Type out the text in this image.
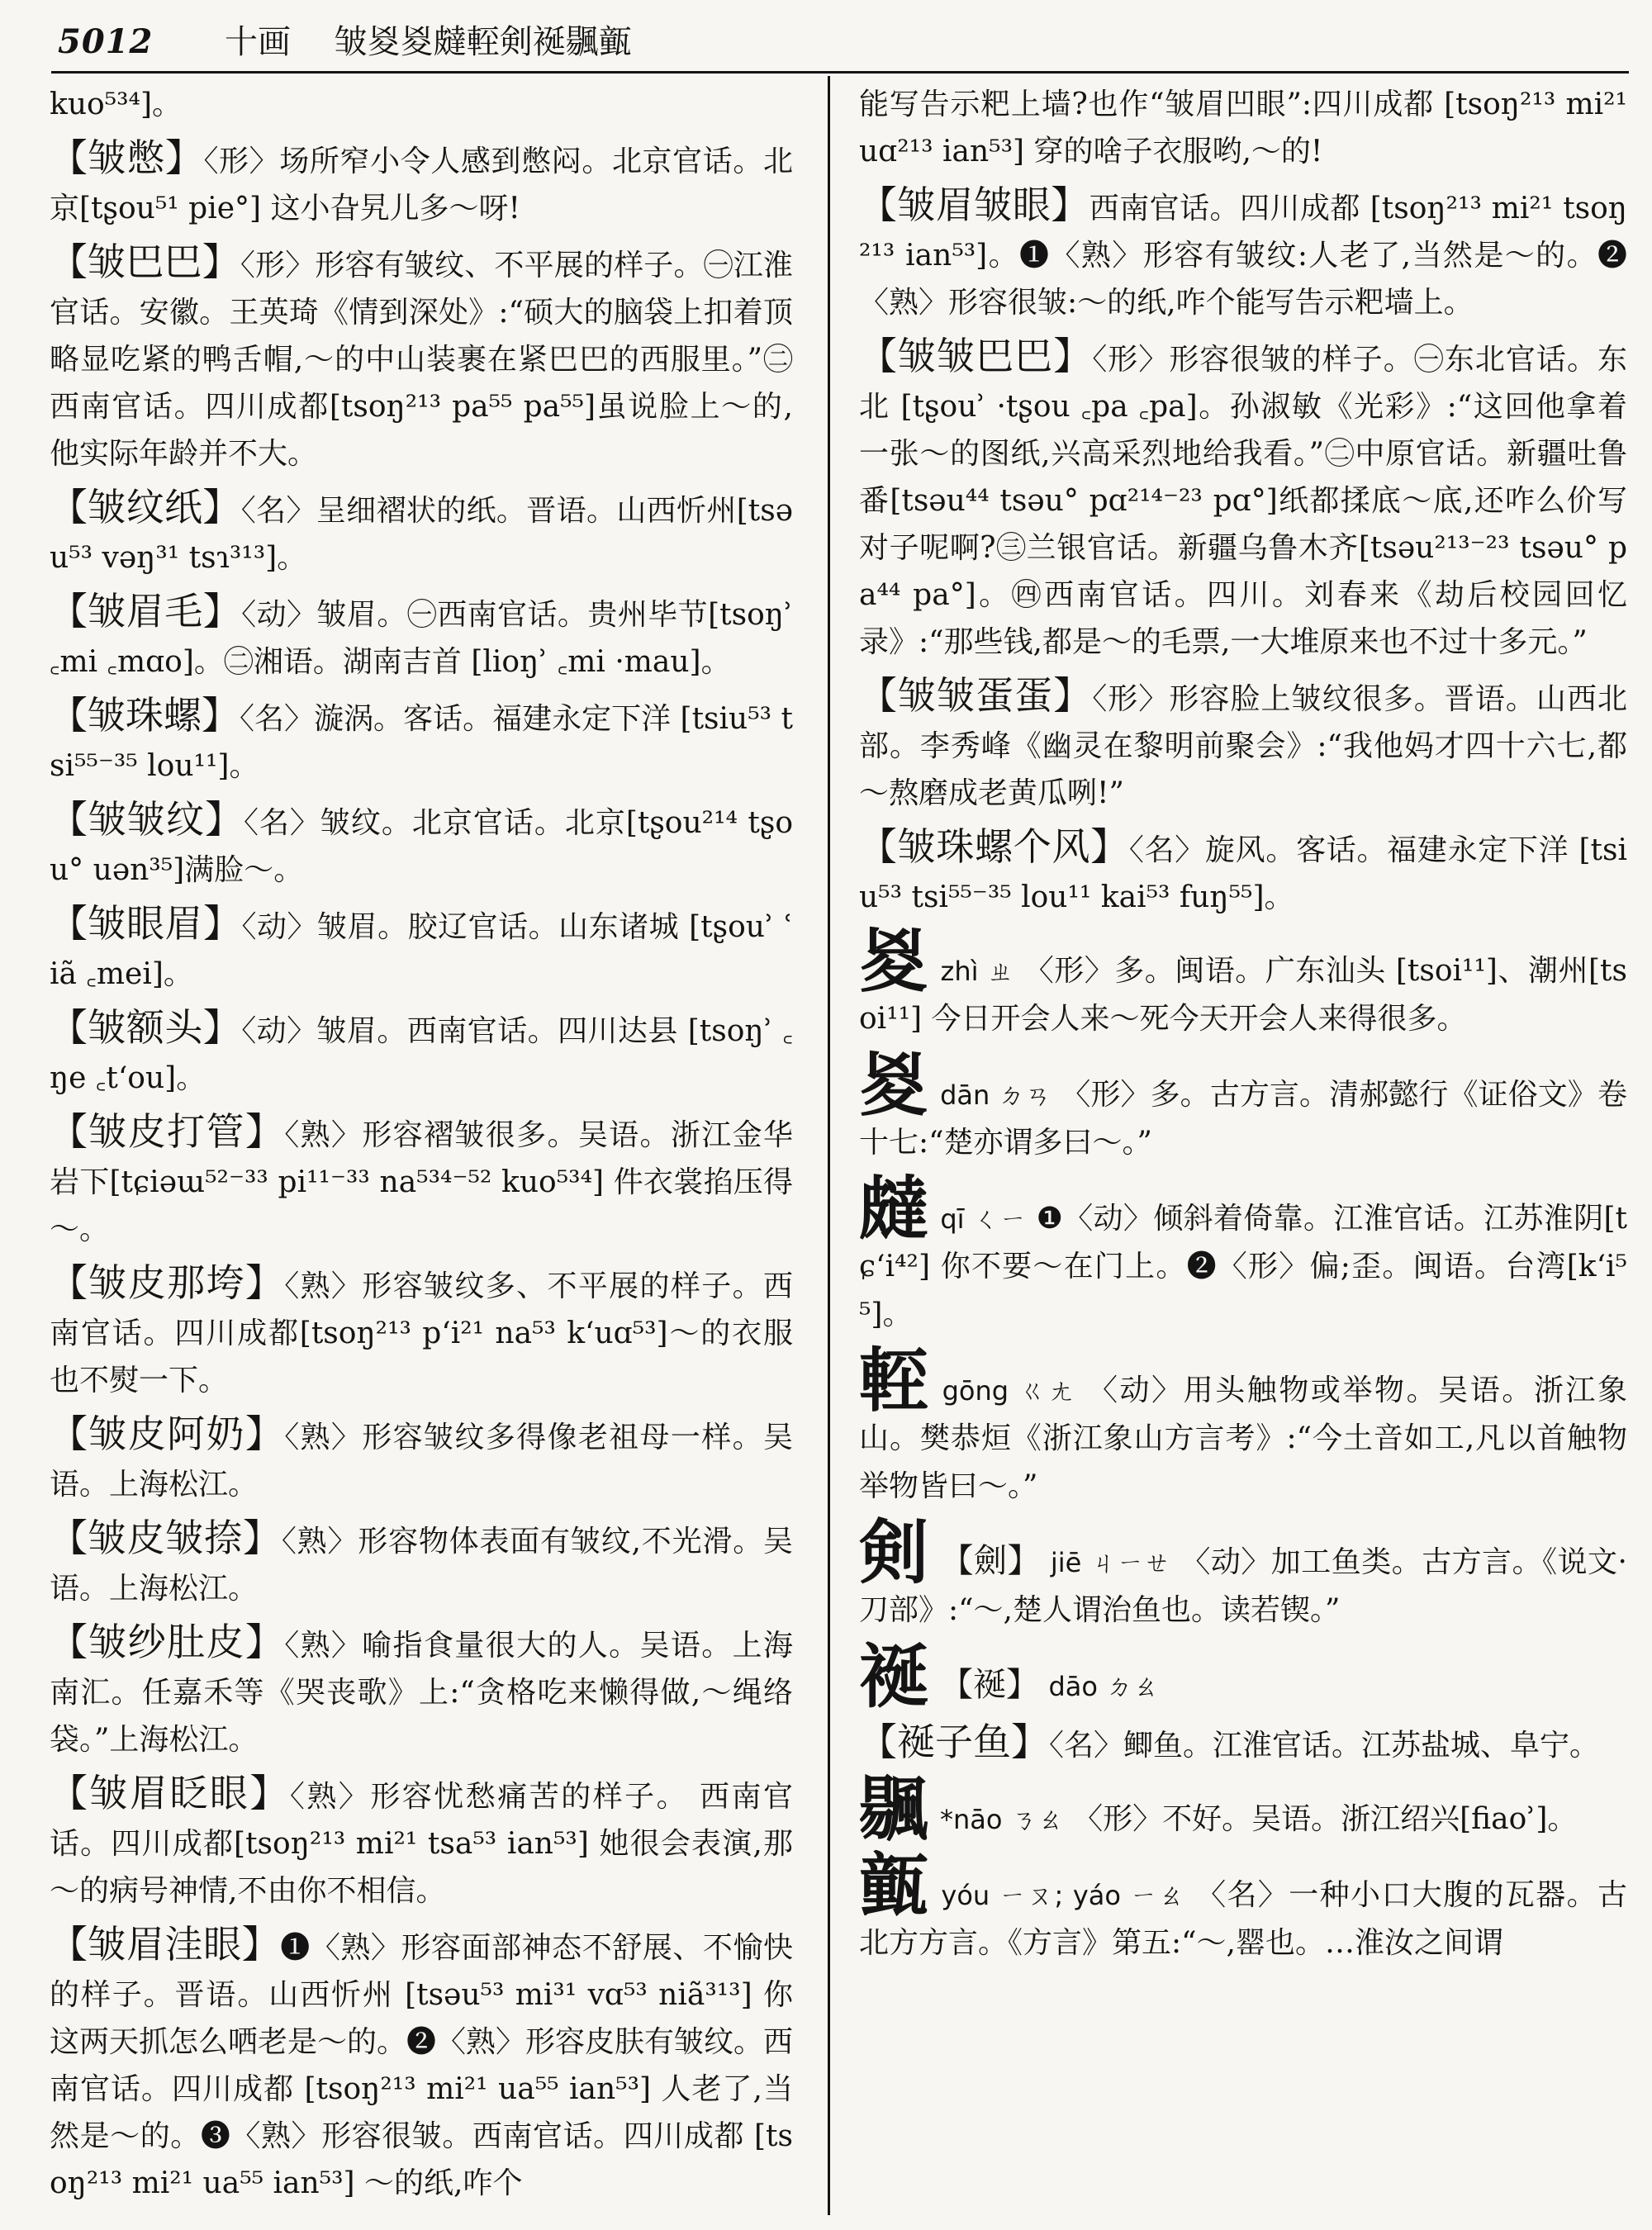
5012 十画 皱㚇㚇㿹䡖剣䘰䬗㼿

kuo⁵³⁴]。

【皱憋】〈形〉场所窄小令人感到憋闷。北京官话。北京[tʂou⁵¹ pie°] 这小旮旯儿多～呀!

【皱巴巴】〈形〉形容有皱纹、不平展的样子。㊀江淮官话。安徽。王英琦《情到深处》:“硕大的脑袋上扣着顶略显吃紧的鸭舌帽,～的中山装裹在紧巴巴的西服里。”㊁西南官话。四川成都[tsoŋ²¹³ pa⁵⁵ pa⁵⁵]虽说脸上～的,他实际年龄并不大。

【皱纹纸】〈名〉呈细褶状的纸。晋语。山西忻州[tsəu⁵³ vəŋ³¹ tsɿ³¹³]。

【皱眉毛】〈动〉皱眉。㊀西南官话。贵州毕节[tsoŋʾ ꜀mi ꜀mɑo]。㊁湘语。湖南吉首 [lioŋʾ ꜀mi ·mau]。

【皱珠螺】〈名〉漩涡。客话。福建永定下洋 [tsiu⁵³ tsi⁵⁵⁻³⁵ lou¹¹]。

【皱皱纹】〈名〉皱纹。北京官话。北京[tʂou²¹⁴ tʂou° uən³⁵]满脸～。

【皱眼眉】〈动〉皱眉。胶辽官话。山东诸城 [tʂouʾ ʿiã ꜀mei]。

【皱额头】〈动〉皱眉。西南官话。四川达县 [tsoŋʾ ꜀ŋe ꜀t‘ou]。

【皱皮打管】〈熟〉形容褶皱很多。吴语。浙江金华岩下[tɕiəɯ⁵²⁻³³ pi¹¹⁻³³ na⁵³⁴⁻⁵² kuo⁵³⁴] 件衣裳掐压得～。

【皱皮那垮】〈熟〉形容皱纹多、不平展的样子。西南官话。四川成都[tsoŋ²¹³ p‘i²¹ na⁵³ k‘uɑ⁵³]～的衣服也不熨一下。

【皱皮阿奶】〈熟〉形容皱纹多得像老祖母一样。吴语。上海松江。

【皱皮皱捺】〈熟〉形容物体表面有皱纹,不光滑。吴语。上海松江。

【皱纱肚皮】〈熟〉喻指食量很大的人。吴语。上海南汇。任嘉禾等《哭丧歌》上:“贪格吃来懒得做,～绳络袋。”上海松江。

【皱眉眨眼】〈熟〉形容忧愁痛苦的样子。 西南官话。四川成都[tsoŋ²¹³ mi²¹ tsa⁵³ ian⁵³] 她很会表演,那～的病号神情,不由你不相信。

【皱眉洼眼】❶〈熟〉形容面部神态不舒展、不愉快的样子。晋语。山西忻州 [tsəu⁵³ mi³¹ vɑ⁵³ niã³¹³] 你这两天抓怎么哂老是～的。❷〈熟〉形容皮肤有皱纹。西南官话。四川成都 [tsoŋ²¹³ mi²¹ ua⁵⁵ ian⁵³] 人老了,当然是～的。❸〈熟〉形容很皱。西南官话。四川成都 [tsoŋ²¹³ mi²¹ ua⁵⁵ ian⁵³] ～的纸,咋个

能写告示粑上墙?也作“皱眉凹眼”:四川成都 [tsoŋ²¹³ mi²¹ uɑ²¹³ ian⁵³] 穿的啥子衣服哟,～的!

【皱眉皱眼】西南官话。四川成都 [tsoŋ²¹³ mi²¹ tsoŋ²¹³ ian⁵³]。❶〈熟〉形容有皱纹:人老了,当然是～的。❷〈熟〉形容很皱:～的纸,咋个能写告示粑墙上。

【皱皱巴巴】〈形〉形容很皱的样子。㊀东北官话。东北 [tʂouʾ ·tʂou ꜀pa ꜀pa]。孙淑敏《光彩》:“这回他拿着一张～的图纸,兴高采烈地给我看。”㊁中原官话。新疆吐鲁番[tsəu⁴⁴ tsəu° pɑ²¹⁴⁻²³ pɑ°]纸都揉底～底,还咋么价写对子呢啊?㊂兰银官话。新疆乌鲁木齐[tsəu²¹³⁻²³ tsəu° pa⁴⁴ pa°]。㊃西南官话。四川。刘春来《劫后校园回忆录》:“那些钱,都是～的毛票,一大堆原来也不过十多元。”

【皱皱蛋蛋】〈形〉形容脸上皱纹很多。晋语。山西北部。李秀峰《幽灵在黎明前聚会》:“我他妈才四十六七,都～熬磨成老黄瓜咧!”

【皱珠螺个风】〈名〉旋风。客话。福建永定下洋 [tsiu⁵³ tsi⁵⁵⁻³⁵ lou¹¹ kai⁵³ fuŋ⁵⁵]。

㚇zhì ㄓ 〈形〉多。闽语。广东汕头 [tsoi¹¹]、潮州[tsoi¹¹] 今日开会人来～死今天开会人来得很多。

㚇dān ㄉㄢ 〈形〉多。古方言。清郝懿行《证俗文》卷十七:“楚亦谓多曰～。”

㿹qī ㄑㄧ ❶〈动〉倾斜着倚靠。江淮官话。江苏淮阴[tɕ‘i⁴²] 你不要～在门上。❷〈形〉偏;歪。闽语。台湾[k‘i⁵⁵]。

䡖gōng ㄍㄤ 〈动〉用头触物或举物。吴语。浙江象山。樊恭烜《浙江象山方言考》:“今土音如工,凡以首触物举物皆曰～。”

剣 【劍】 jiē ㄐㄧㄝ 〈动〉加工鱼类。古方言。《说文·刀部》:“～,楚人谓治鱼也。读若锲。”

䘰 【䘰】 dāo ㄉㄠ

【䘰子鱼】〈名〉鲫鱼。江淮官话。江苏盐城、阜宁。

䬗 *nāo ㄋㄠ 〈形〉不好。吴语。浙江绍兴[fiaoʾ]。

㼿yóu ㄧㄡ; yáo ㄧㄠ 〈名〉一种小口大腹的瓦器。古北方方言。《方言》第五:“～,罂也。…淮汝之间谓
